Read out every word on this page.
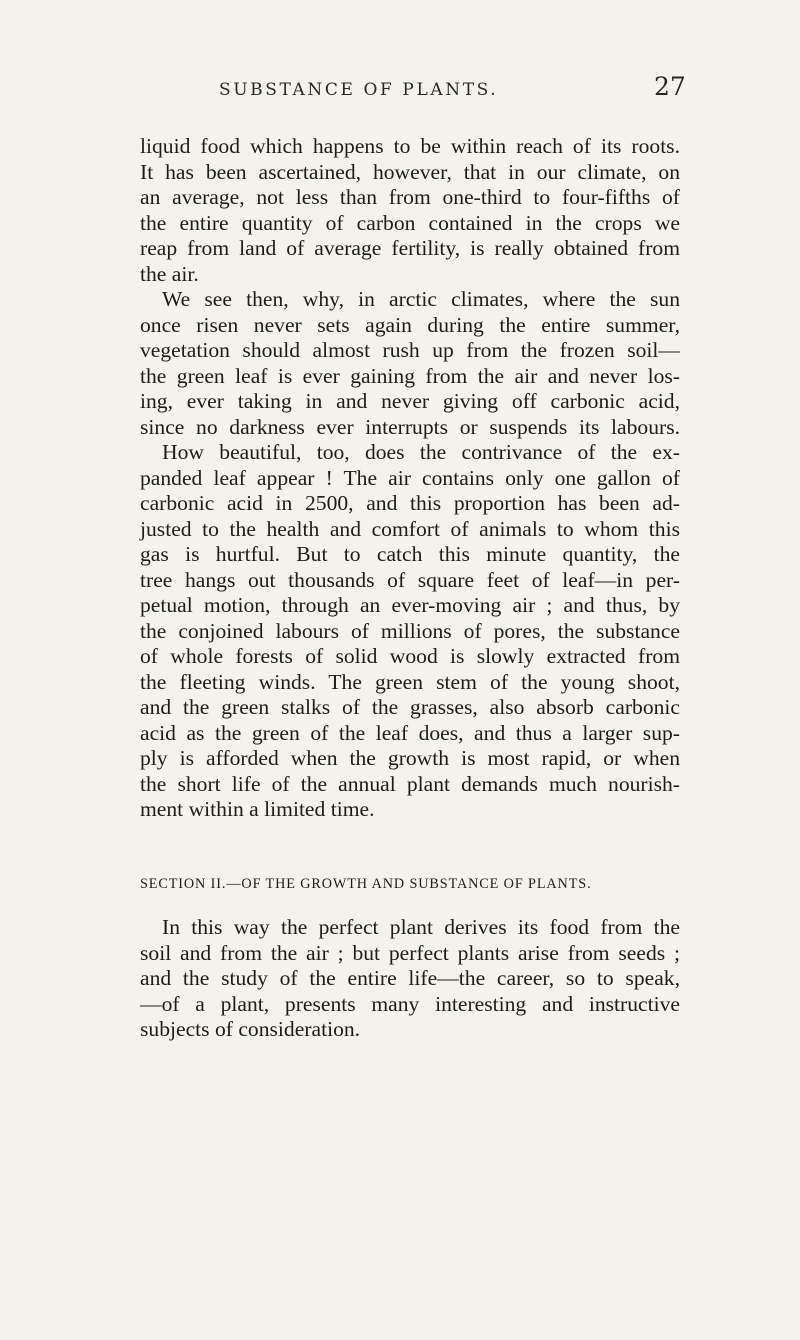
SUBSTANCE OF PLANTS.	27
liquid food which happens to be within reach of its roots.
It has been ascertained, however, that in our climate, on
an average, not less than from one-third to four-fifths of
the entire quantity of carbon contained in the crops we
reap from land of average fertility, is really obtained from
the air.
We see then, why, in arctic climates, where the sun
once risen never sets again during the entire summer,
vegetation should almost rush up from the frozen soil—
the green leaf is ever gaining from the air and never los-
ing, ever taking in and never giving off carbonic acid,
since no darkness ever interrupts or suspends its labours.
How beautiful, too, does the contrivance of the ex-
panded leaf appear ! The air contains only one gallon of
carbonic acid in 2500, and this proportion has been ad-
justed to the health and comfort of animals to whom this
gas is hurtful. But to catch this minute quantity, the
tree hangs out thousands of square feet of leaf—in per-
petual motion, through an ever-moving air ; and thus, by
the conjoined labours of millions of pores, the substance
of whole forests of solid wood is slowly extracted from
the fleeting winds. The green stem of the young shoot,
and the green stalks of the grasses, also absorb carbonic
acid as the green of the leaf does, and thus a larger sup-
ply is afforded when the growth is most rapid, or when
the short life of the annual plant demands much nourish-
ment within a limited time.
SECTION II.—OF THE GROWTH AND SUBSTANCE OF PLANTS.
In this way the perfect plant derives its food from the
soil and from the air ; but perfect plants arise from seeds ;
and the study of the entire life—the career, so to speak,
—of a plant, presents many interesting and instructive
subjects of consideration.
